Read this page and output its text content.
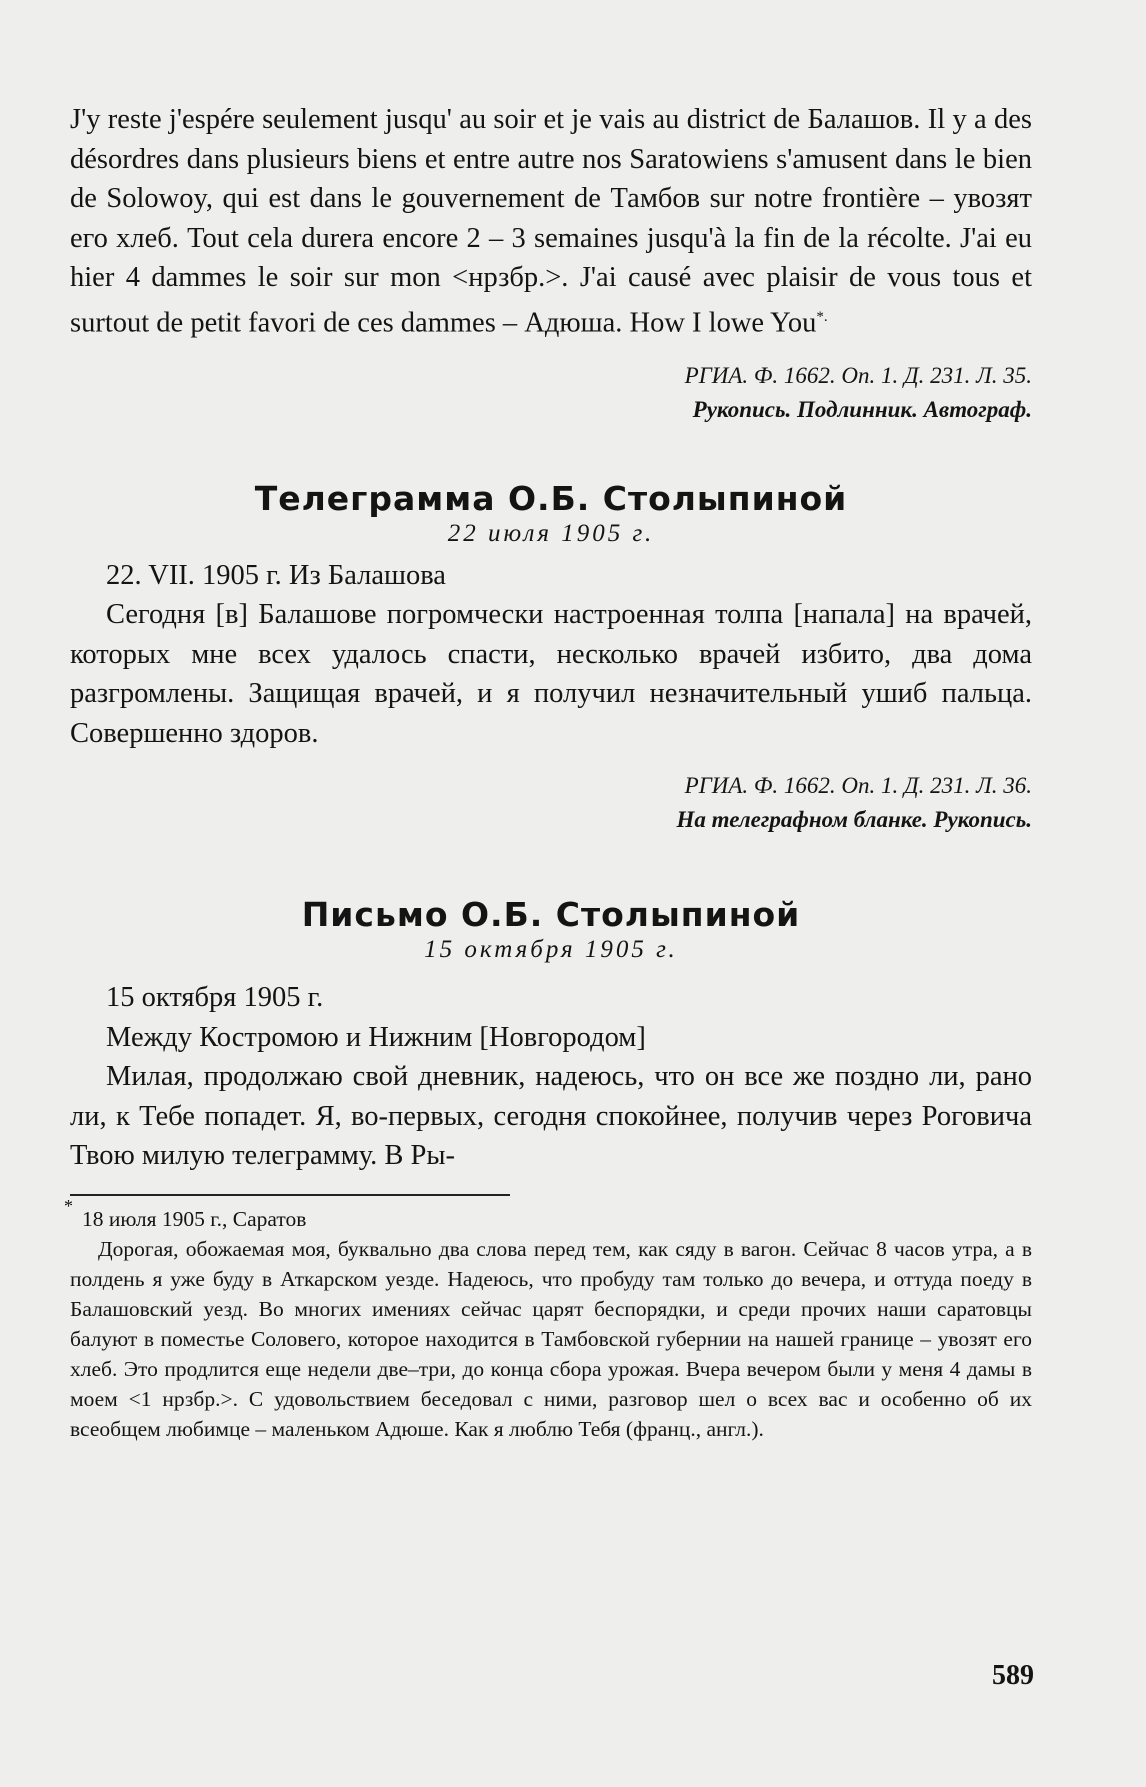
J'y reste j'espére seulement jusqu' au soir et je vais au district de Балашов. Il y a des désordres dans plusieurs biens et entre autre nos Saratowiens s'amusent dans le bien de Solowoy, qui est dans le gouvernement de Тамбов sur notre frontière – увозят его хлеб. Tout cela durera encore 2 – 3 semaines jusqu'à la fin de la récolte. J'ai eu hier 4 dammes le soir sur mon <нрзбр.>. J'ai causé avec plaisir de vous tous et surtout de petit favori de ces dammes – Адюша. How I lowe You*.

РГИА. Ф. 1662. Оп. 1. Д. 231. Л. 35.

Рукопись. Подлинник. Автограф.

Телеграмма О.Б. Столыпиной

22 июля 1905 г.

22. VII. 1905 г. Из Балашова

Сегодня [в] Балашове погромчески настроенная толпа [напала] на врачей, которых мне всех удалось спасти, несколько врачей избито, два дома разгромлены. Защищая врачей, и я получил незначительный ушиб пальца. Совершенно здоров.

РГИА. Ф. 1662. Оп. 1. Д. 231. Л. 36.

На телеграфном бланке. Рукопись.

Письмо О.Б. Столыпиной

15 октября 1905 г.

15 октября 1905 г.

Между Костромою и Нижним [Новгородом]

Милая, продолжаю свой дневник, надеюсь, что он все же поздно ли, рано ли, к Тебе попадет. Я, во-первых, сегодня спокойнее, получив через Роговича Твою милую телеграмму. В Ры-

*

18 июля 1905 г., Саратов

Дорогая, обожаемая моя, буквально два слова перед тем, как сяду в вагон. Сейчас 8 часов утра, а в полдень я уже буду в Аткарском уезде. Надеюсь, что пробуду там только до вечера, и оттуда поеду в Балашовский уезд. Во многих имениях сейчас царят беспорядки, и среди прочих наши саратовцы балуют в поместье Соловего, которое находится в Тамбовской губернии на нашей границе – увозят его хлеб. Это продлится еще недели две–три, до конца сбора урожая. Вчера вечером были у меня 4 дамы в моем <1 нрзбр.>. С удовольствием беседовал с ними, разговор шел о всех вас и особенно об их всеобщем любимце – маленьком Адюше. Как я люблю Тебя (франц., англ.).

589
